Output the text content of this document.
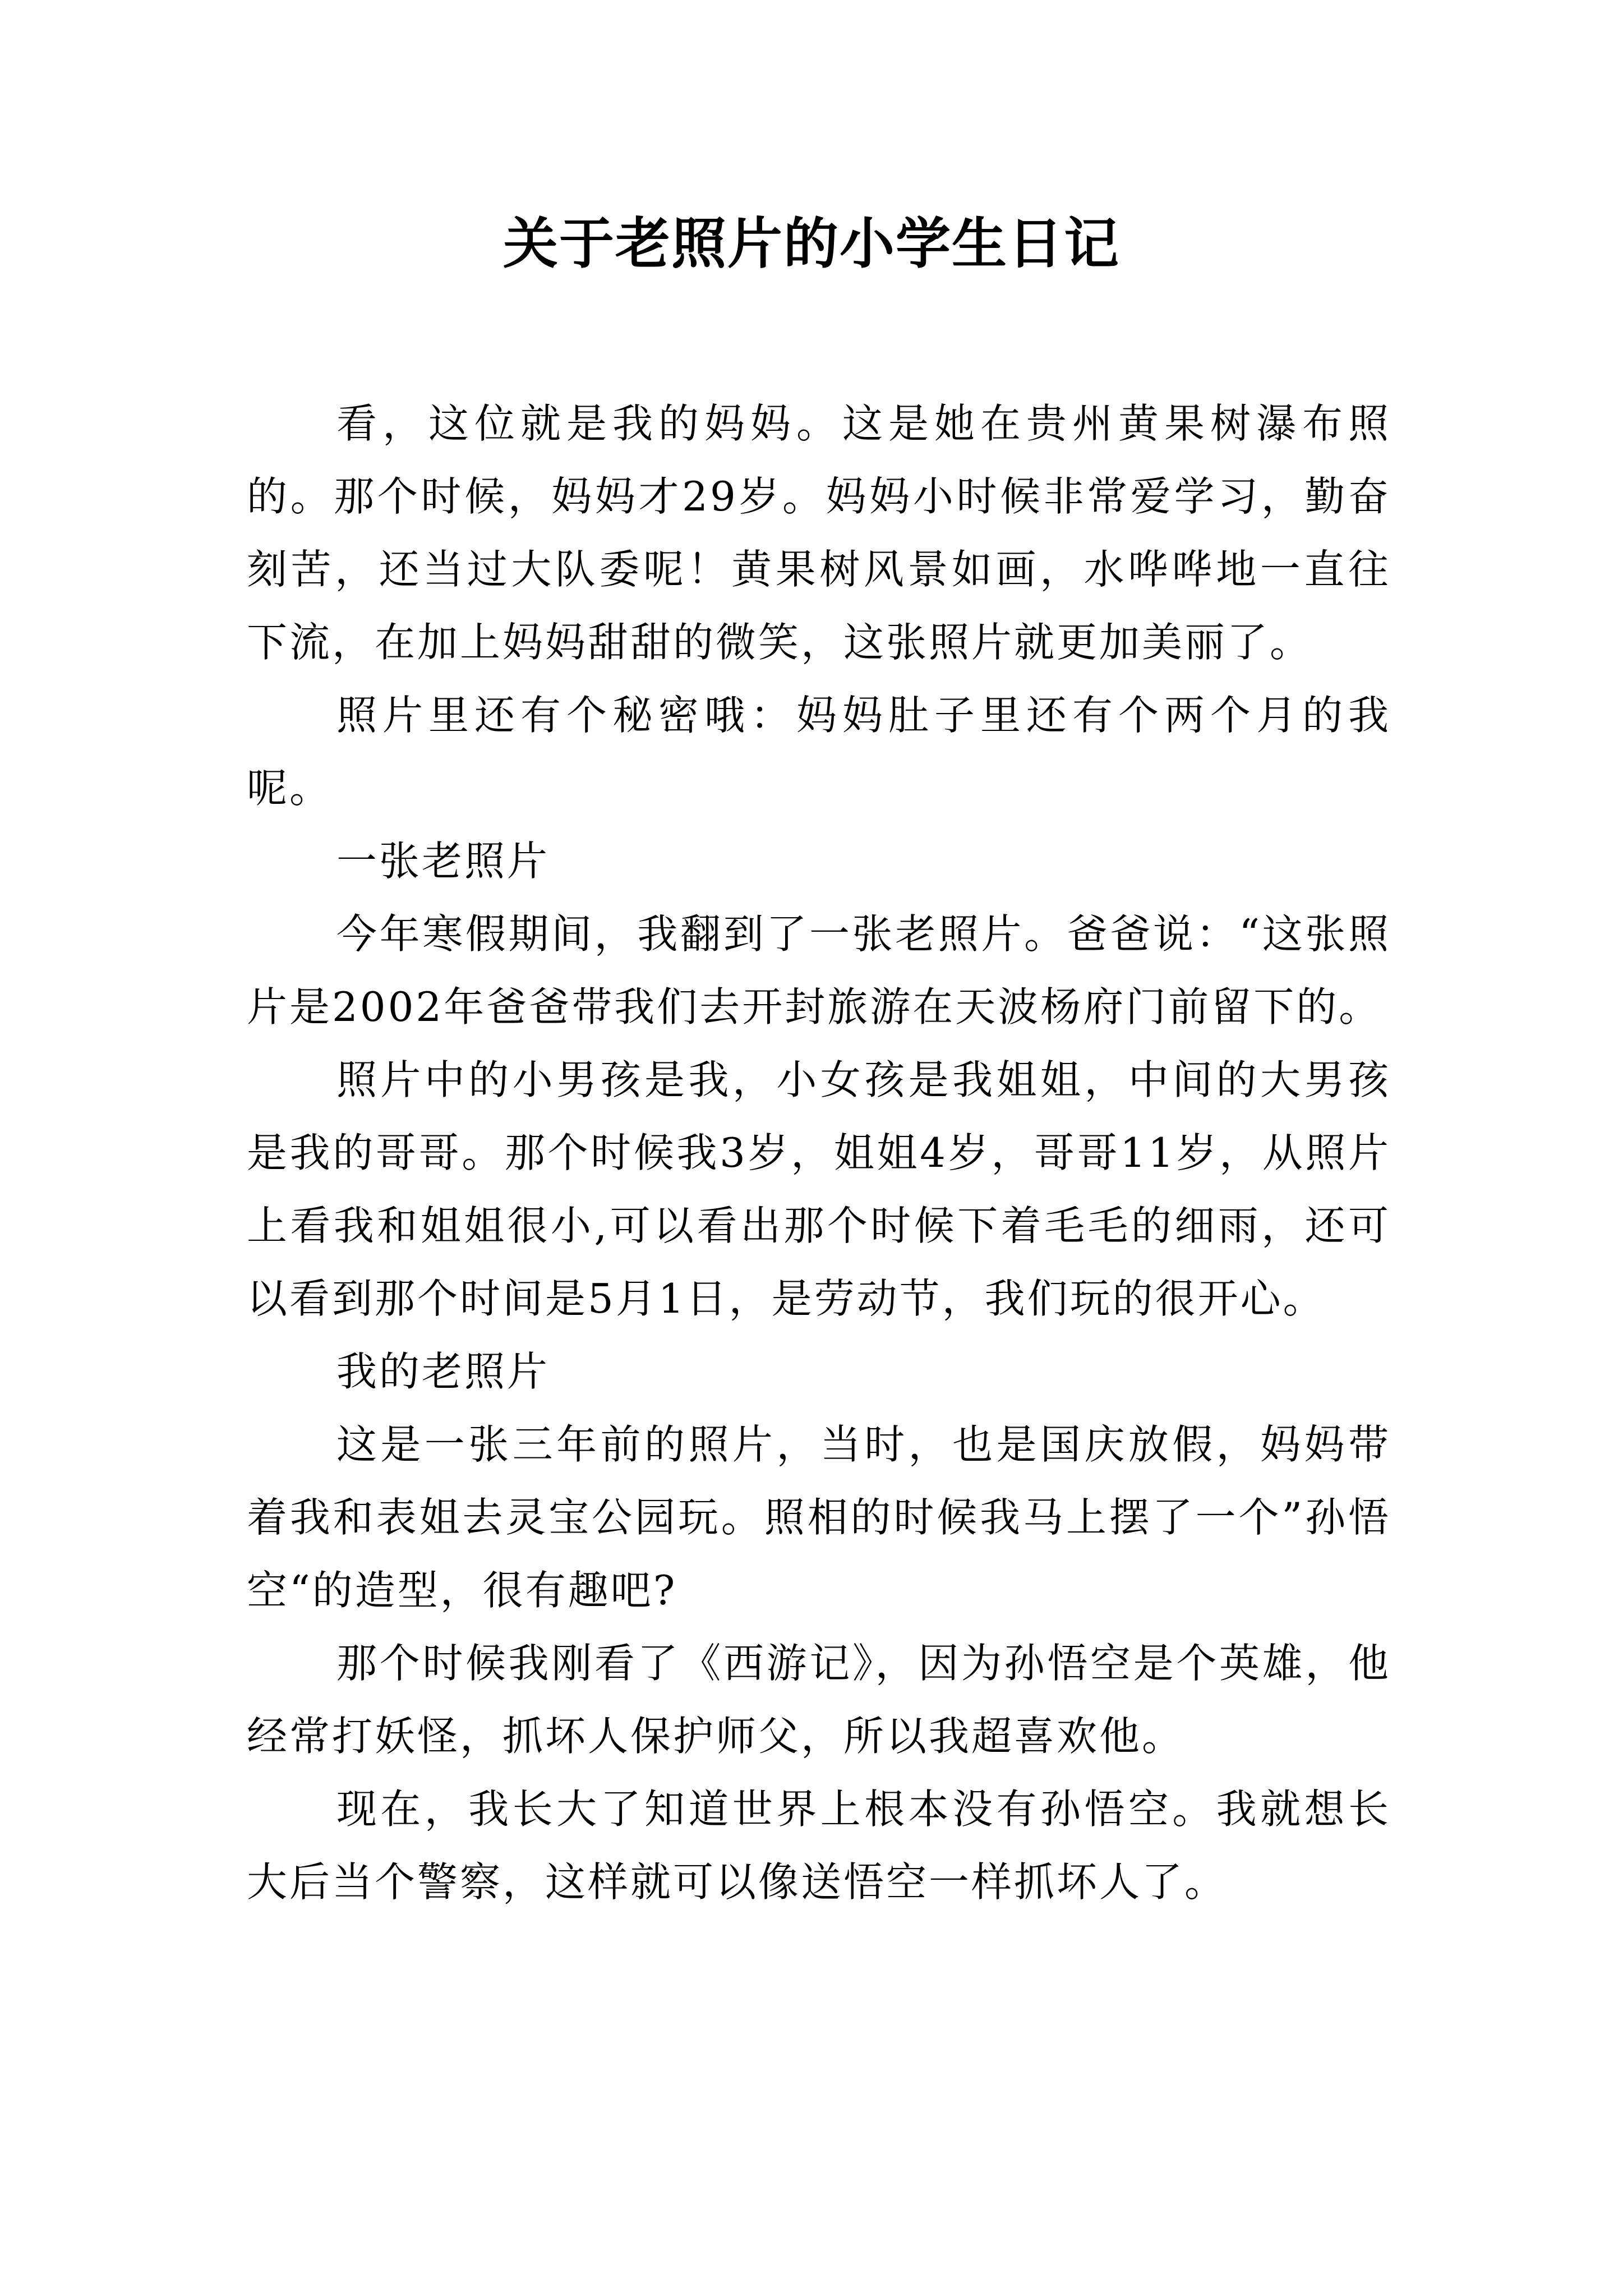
关于老照片的小学生日记

看，这位就是我的妈妈。这是她在贵州黄果树瀑布照的。那个时候，妈妈才29岁。妈妈小时候非常爱学习，勤奋刻苦，还当过大队委呢！黄果树风景如画，水哗哗地一直往下流，在加上妈妈甜甜的微笑，这张照片就更加美丽了。

照片里还有个秘密哦：妈妈肚子里还有个两个月的我呢。

一张老照片

今年寒假期间，我翻到了一张老照片。爸爸说：“这张照片是2002年爸爸带我们去开封旅游在天波杨府门前留下的。

照片中的小男孩是我，小女孩是我姐姐，中间的大男孩是我的哥哥。那个时候我3岁，姐姐4岁，哥哥11岁，从照片上看我和姐姐很小,可以看出那个时候下着毛毛的细雨，还可以看到那个时间是5月1日，是劳动节，我们玩的很开心。

我的老照片

这是一张三年前的照片，当时，也是国庆放假，妈妈带着我和表姐去灵宝公园玩。照相的时候我马上摆了一个”孙悟空“的造型，很有趣吧?

那个时候我刚看了《西游记》，因为孙悟空是个英雄，他经常打妖怪，抓坏人保护师父，所以我超喜欢他。

现在，我长大了知道世界上根本没有孙悟空。我就想长大后当个警察，这样就可以像送悟空一样抓坏人了。
